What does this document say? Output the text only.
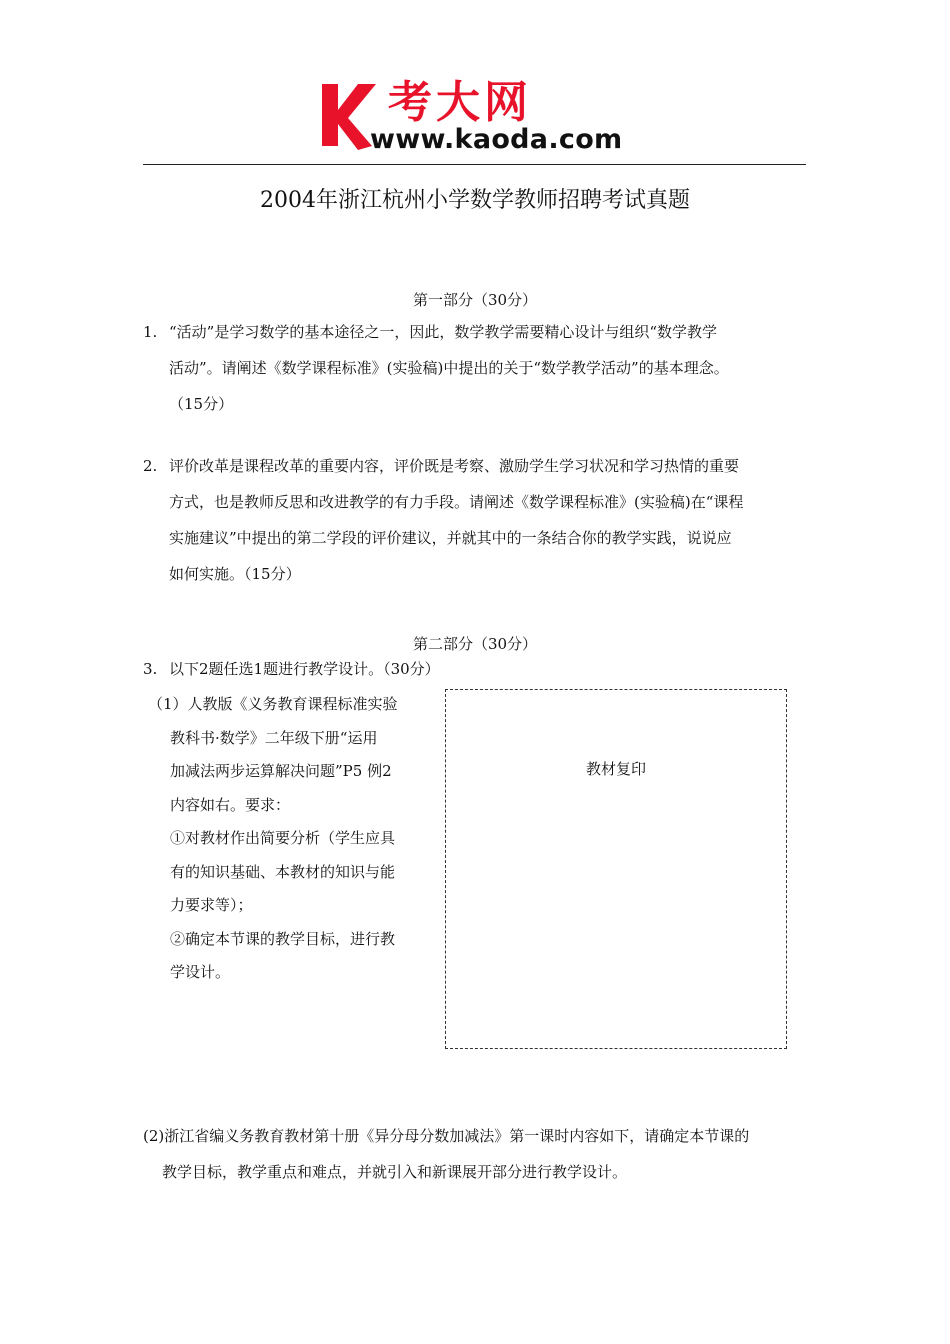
考大网
www.kaoda.com
2004年浙江杭州小学数学教师招聘考试真题
第一部分（30分）
1. “活动”是学习数学的基本途径之一，因此，数学教学需要精心设计与组织“数学教学
活动”。请阐述《数学课程标准》(实验稿)中提出的关于“数学教学活动”的基本理念。
（15分）
2. 评价改革是课程改革的重要内容，评价既是考察、激励学生学习状况和学习热情的重要
方式，也是教师反思和改进教学的有力手段。请阐述《数学课程标准》(实验稿)在“课程
实施建议”中提出的第二学段的评价建议，并就其中的一条结合你的教学实践，说说应
如何实施。（15分）
第二部分（30分）
3. 以下2题任选1题进行教学设计。（30分）
（1）人教版《义务教育课程标准实验
教科书·数学》二年级下册“运用
加减法两步运算解决问题”P5 例2
内容如右。要求：
①对教材作出简要分析（学生应具
有的知识基础、本教材的知识与能
力要求等）；
②确定本节课的教学目标，进行教
学设计。
教材复印
(2)浙江省编义务教育教材第十册《异分母分数加减法》第一课时内容如下，请确定本节课的
教学目标，教学重点和难点，并就引入和新课展开部分进行教学设计。
